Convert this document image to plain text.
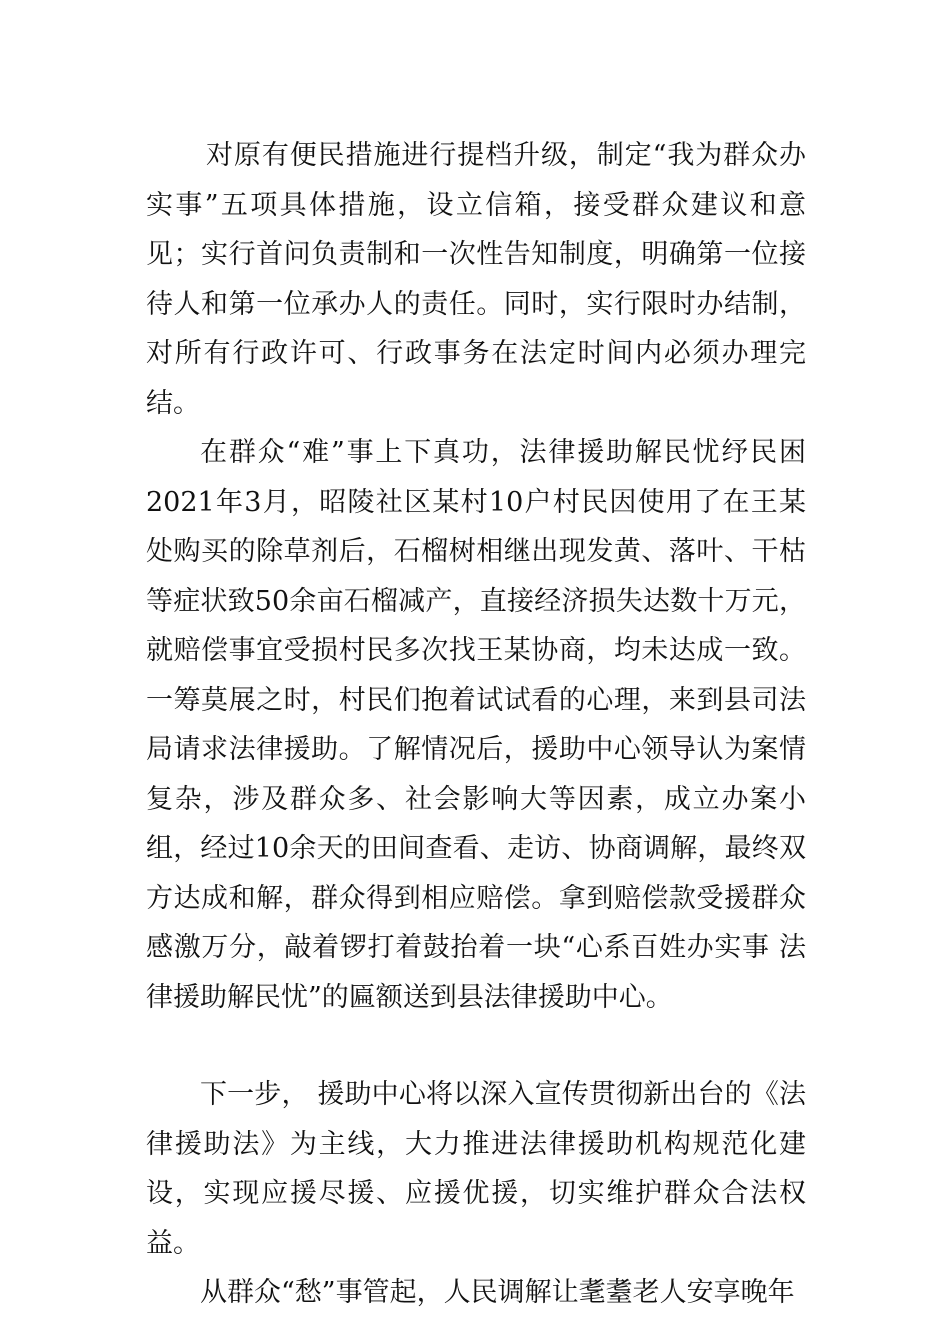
对原有便民措施进行提档升级，制定“我为群众办实事”五项具体措施，设立信箱，接受群众建议和意见；实行首问负责制和一次性告知制度，明确第一位接待人和第一位承办人的责任。同时，实行限时办结制，对所有行政许可、行政事务在法定时间内必须办理完结。

在群众“难”事上下真功，法律援助解民忧纾民困2021年3月，昭陵社区某村10户村民因使用了在王某处购买的除草剂后，石榴树相继出现发黄、落叶、干枯等症状致50余亩石榴减产，直接经济损失达数十万元，就赔偿事宜受损村民多次找王某协商，均未达成一致。一筹莫展之时，村民们抱着试试看的心理，来到县司法局请求法律援助。了解情况后，援助中心领导认为案情复杂，涉及群众多、社会影响大等因素，成立办案小组，经过10余天的田间查看、走访、协商调解，最终双方达成和解，群众得到相应赔偿。拿到赔偿款受援群众感激万分，敲着锣打着鼓抬着一块“心系百姓办实事 法律援助解民忧”的匾额送到县法律援助中心。

下一步， 援助中心将以深入宣传贯彻新出台的《法律援助法》为主线，大力推进法律援助机构规范化建设，实现应援尽援、应援优援，切实维护群众合法权益。

从群众“愁”事管起，人民调解让耄耋老人安享晚年
